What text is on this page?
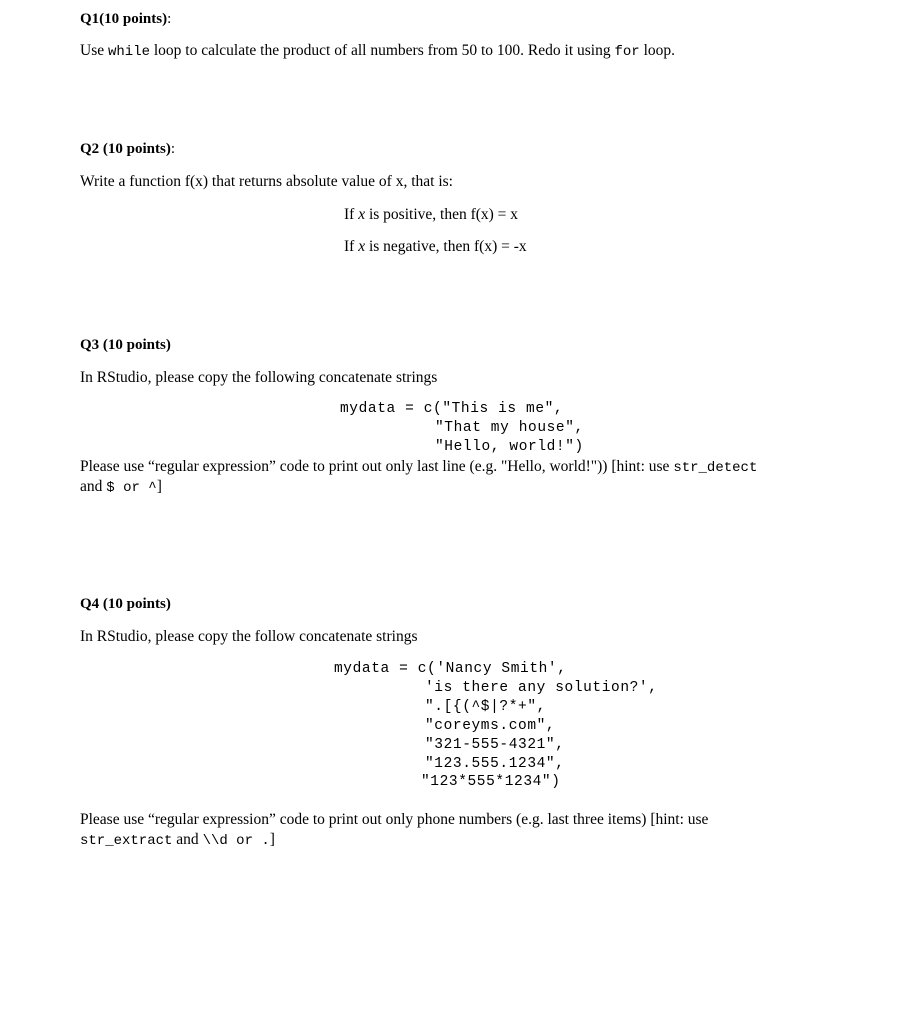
Q1(10 points):
Use while loop to calculate the product of all numbers from 50 to 100. Redo it using for loop.
Q2 (10 points):
Write a function f(x) that returns absolute value of x, that is:
If x is positive, then f(x) = x
If x is negative, then f(x) = -x
Q3 (10 points)
In RStudio, please copy the following concatenate strings
mydata = c("This is me",
"That my house",
"Hello, world!")
Please use “regular expression” code to print out only last line (e.g. "Hello, world!")) [hint: use str_detect
and $ or ^]
Q4 (10 points)
In RStudio, please copy the follow concatenate strings
mydata = c('Nancy Smith',
'is there any solution?',
".[{(^$|?*+",
"coreyms.com",
"321-555-4321",
"123.555.1234",
"123*555*1234")
Please use “regular expression” code to print out only phone numbers (e.g. last three items) [hint: use
str_extract and \\d or .]
